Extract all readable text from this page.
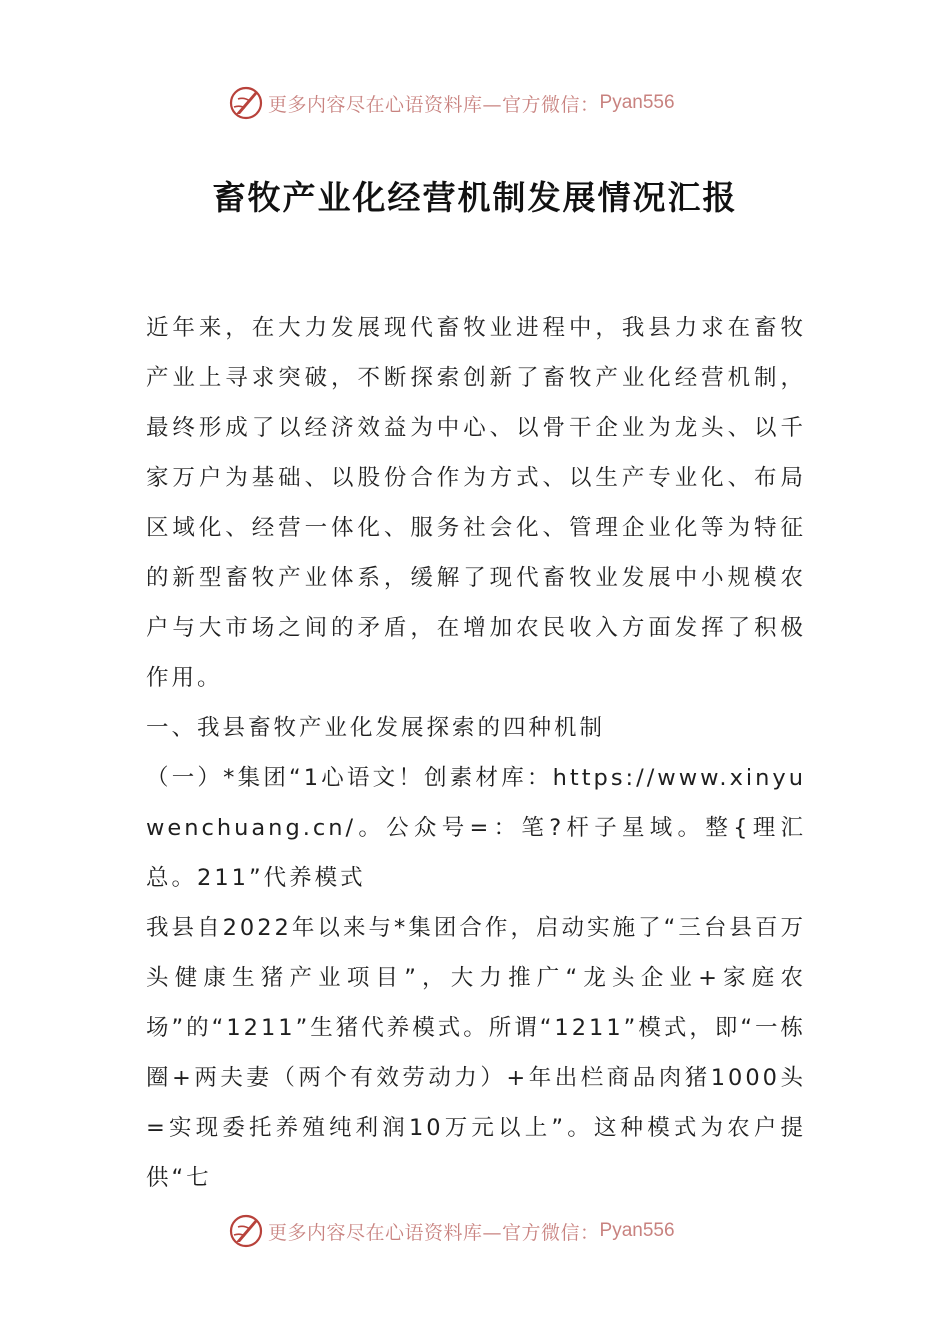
更多内容尽在心语资料库—官方微信： Pyan556
畜牧产业化经营机制发展情况汇报

近年来，在大力发展现代畜牧业进程中，我县力求在畜牧产业上寻求突破，不断探索创新了畜牧产业化经营机制，最终形成了以经济效益为中心、以骨干企业为龙头、以千家万户为基础、以股份合作为方式、以生产专业化、布局区域化、经营一体化、服务社会化、管理企业化等为特征的新型畜牧产业体系，缓解了现代畜牧业发展中小规模农户与大市场之间的矛盾，在增加农民收入方面发挥了积极作用。

一、我县畜牧产业化发展探索的四种机制

（一）*集团“1心语文！创素材库：https://www.xinyuwenchuang.cn/。公众号=：笔?杆子星域。整{理汇总。211”代养模式

我县自2022年以来与*集团合作，启动实施了“三台县百万头健康生猪产业项目”，大力推广“龙头企业+家庭农场”的“1211”生猪代养模式。所谓“1211”模式，即“一栋圈+两夫妻（两个有效劳动力）+年出栏商品肉猪1000头=实现委托养殖纯利润10万元以上”。这种模式为农户提供“七

更多内容尽在心语资料库—官方微信： Pyan556
